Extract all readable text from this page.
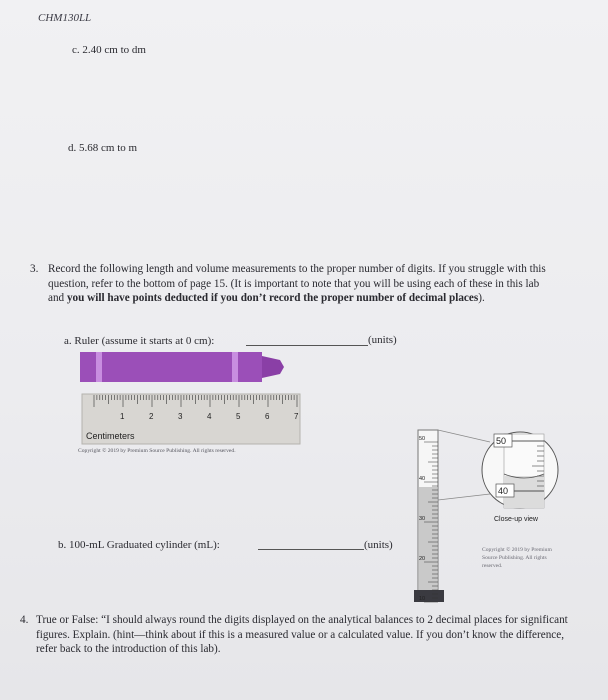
CHM130LL
c. 2.40 cm to dm
d. 5.68 cm to m
3. Record the following length and volume measurements to the proper number of digits. If you struggle with this question, refer to the bottom of page 15. (It is important to note that you will be using each of these in this lab and you will have points deducted if you don’t record the proper number of decimal places).
a. Ruler (assume it starts at 0 cm):	(units)
1	2	3	4	5	6	7
Centimeters
Copyright © 2019 by Premium Source Publishing. All rights reserved.
b. 100-mL Graduated cylinder (mL):	(units)
50
40
30
20
10
50
40
Close-up view
Copyright © 2019 by Premium Source Publishing. All rights reserved.
4. True or False: “I should always round the digits displayed on the analytical balances to 2 decimal places for significant figures. Explain. (hint—think about if this is a measured value or a calculated value. If you don’t know the difference, refer back to the introduction of this lab).
